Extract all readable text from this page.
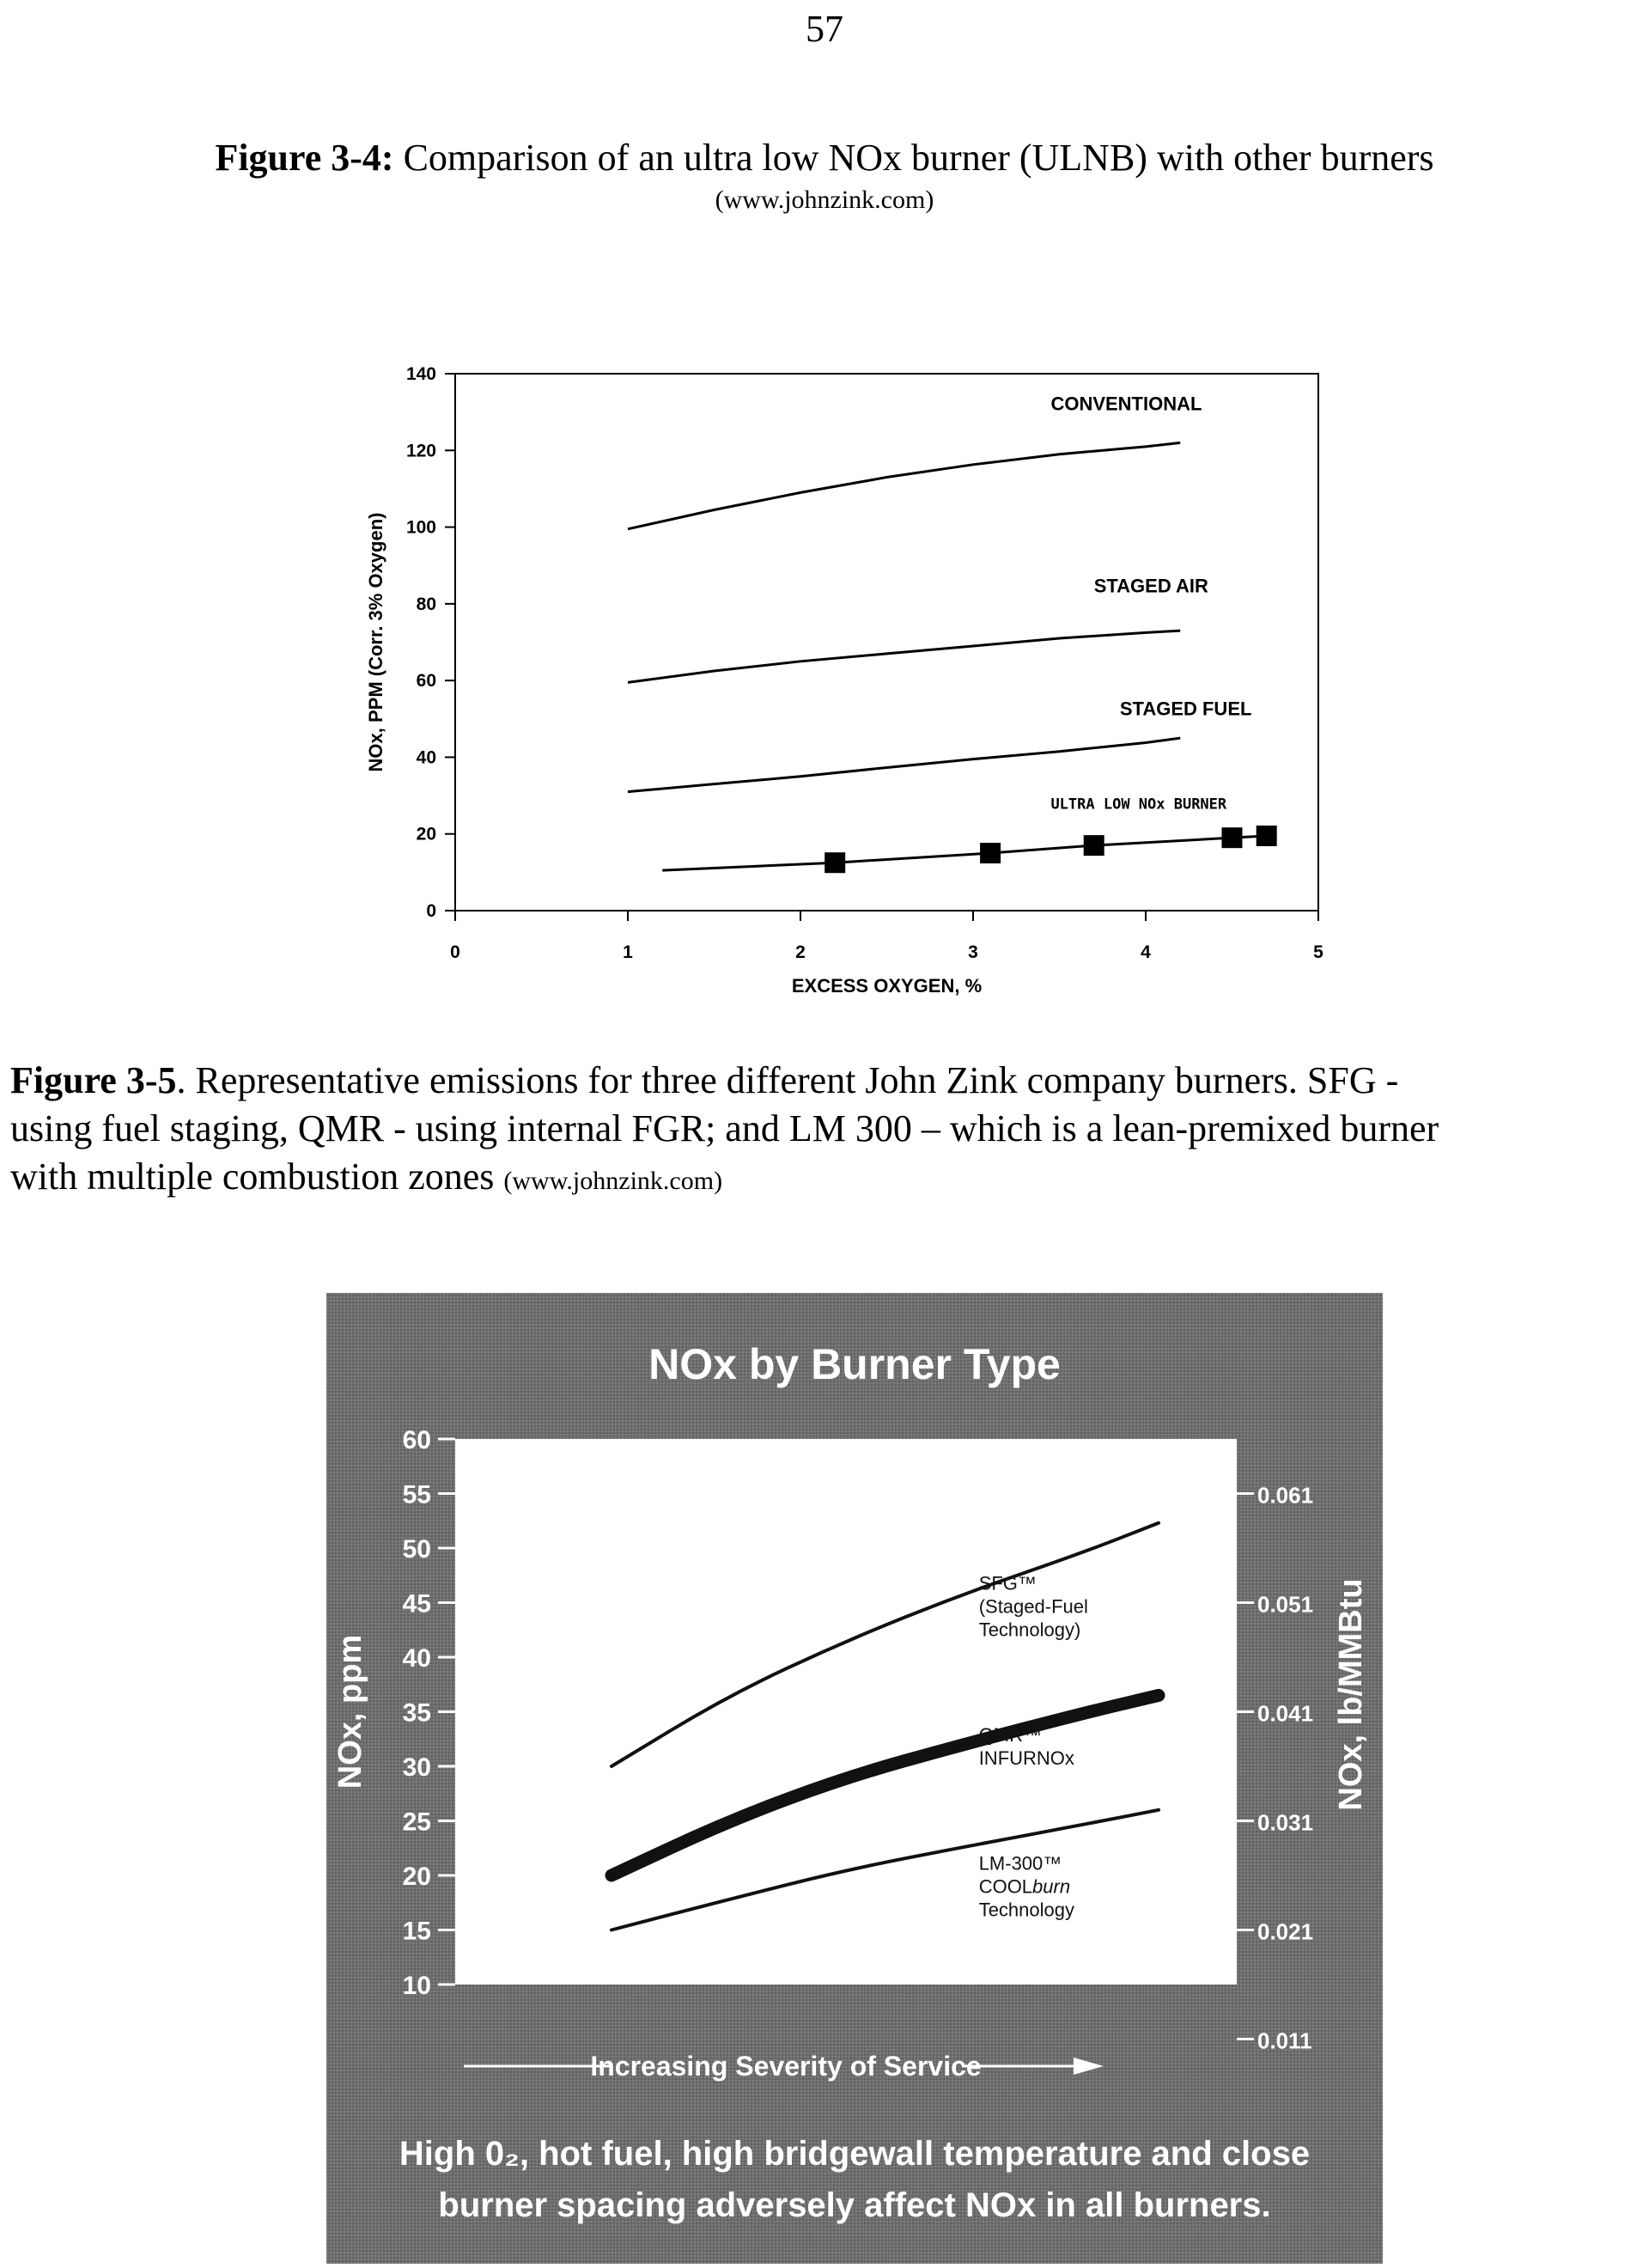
57
Figure 3-4: Comparison of an ultra low NOx burner (ULNB) with other burners
(www.johnzink.com)
0
20
40
60
80
100
120
140
0	1	2	3	4	5
EXCESS OXYGEN, %
NOx, PPM (Corr. 3% Oxygen)
CONVENTIONAL
STAGED AIR
STAGED FUEL
ULTRA LOW NOx BURNER
Figure 3-5. Representative emissions for three different John Zink company burners. SFG -
using fuel staging, QMR - using internal FGR; and LM 300 – which is a lean-premixed burner
with multiple combustion zones (www.johnzink.com)
NOx by Burner Type
60
55
50
45
40
35
30
25
20
15
10
0.061
0.051
0.041
0.031
0.021
0.011
SFG™
(Staged-Fuel
Technology)
QMR™
INFURNOx
LM-300™
COOLburn
Technology
NOx, ppm	NOx, lb/MMBtu
Increasing Severity of Service
High 0₂, hot fuel, high bridgewall temperature and close
burner spacing adversely affect NOx in all burners.
